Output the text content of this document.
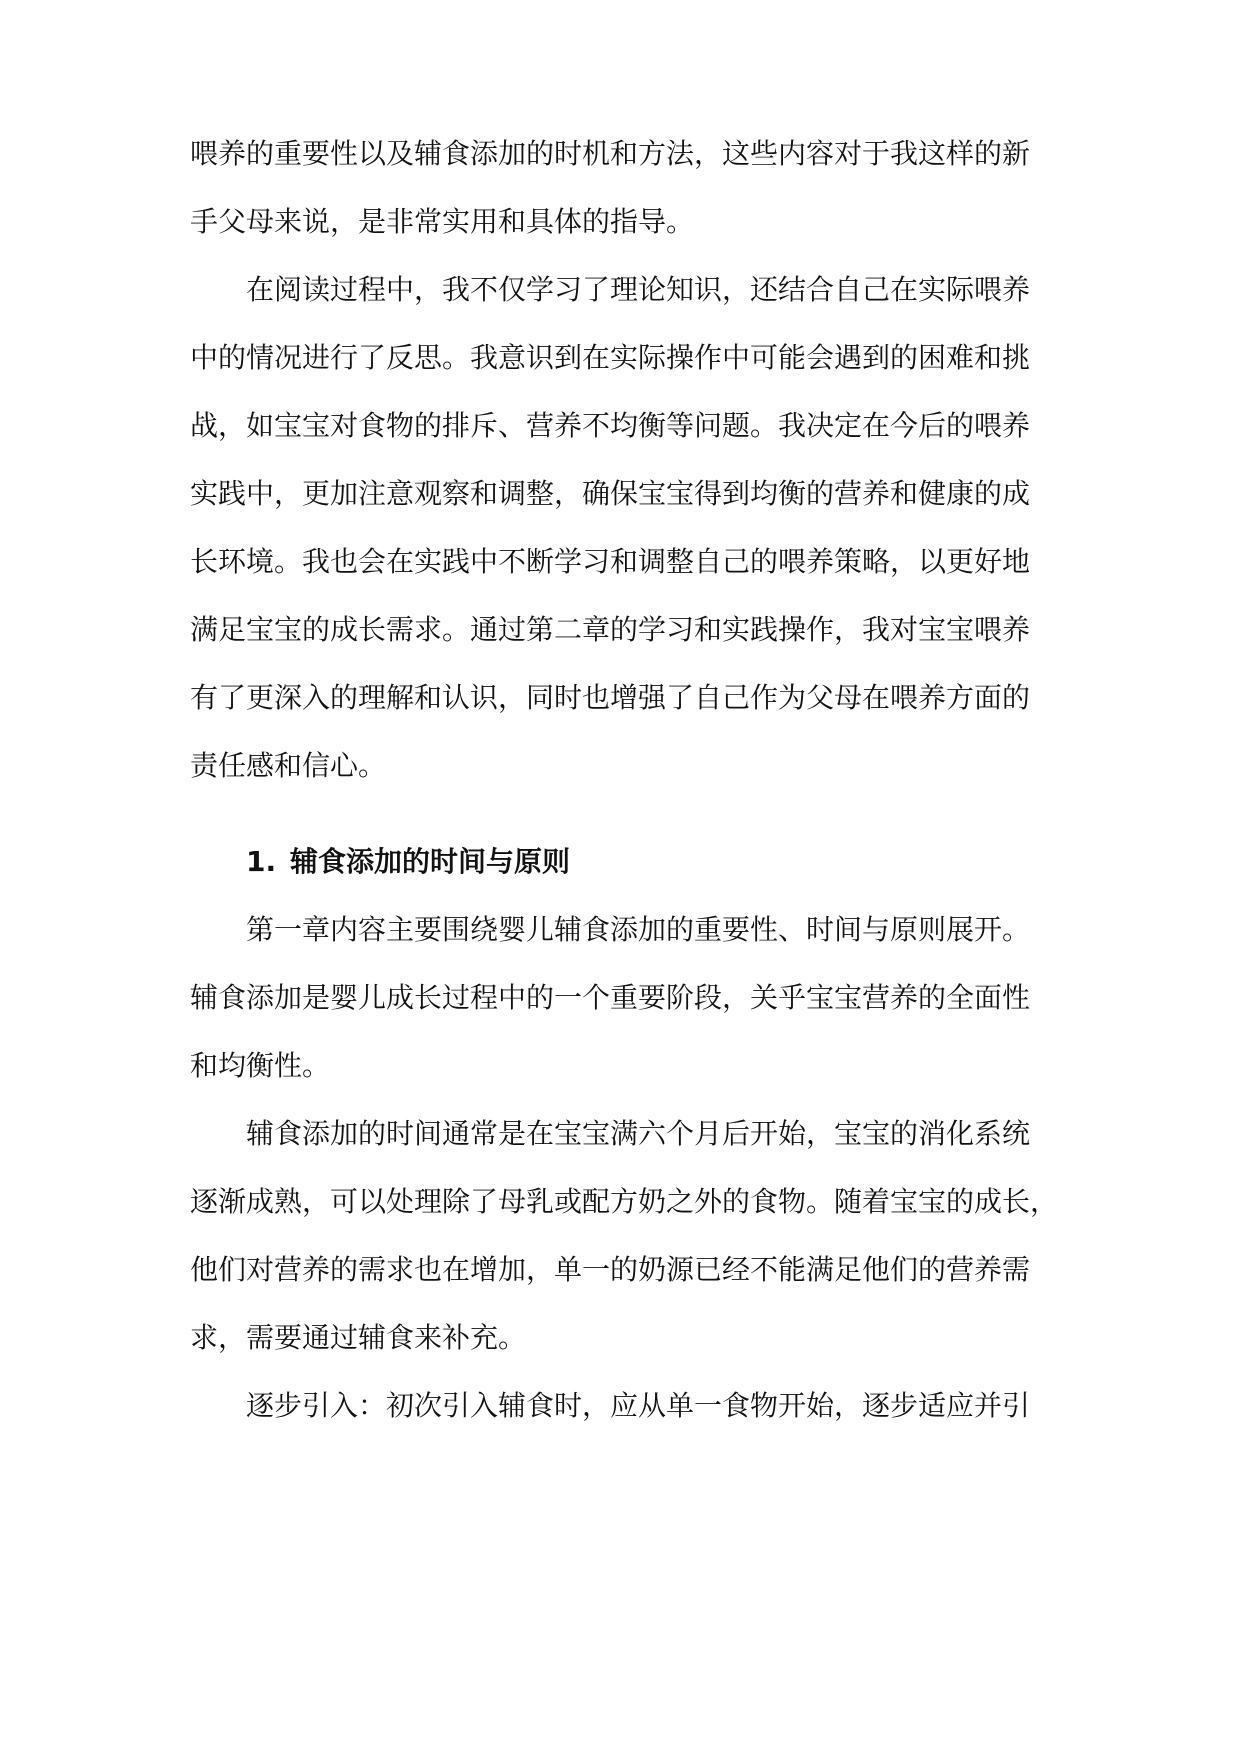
喂养的重要性以及辅食添加的时机和方法，这些内容对于我这样的新
手父母来说，是非常实用和具体的指导。
在阅读过程中，我不仅学习了理论知识，还结合自己在实际喂养
中的情况进行了反思。我意识到在实际操作中可能会遇到的困难和挑
战，如宝宝对食物的排斥、营养不均衡等问题。我决定在今后的喂养
实践中，更加注意观察和调整，确保宝宝得到均衡的营养和健康的成
长环境。我也会在实践中不断学习和调整自己的喂养策略，以更好地
满足宝宝的成长需求。通过第二章的学习和实践操作，我对宝宝喂养
有了更深入的理解和认识，同时也增强了自己作为父母在喂养方面的
责任感和信心。
1. 辅食添加的时间与原则
第一章内容主要围绕婴儿辅食添加的重要性、时间与原则展开。
辅食添加是婴儿成长过程中的一个重要阶段，关乎宝宝营养的全面性
和均衡性。
辅食添加的时间通常是在宝宝满六个月后开始，宝宝的消化系统
逐渐成熟，可以处理除了母乳或配方奶之外的食物。随着宝宝的成长，
他们对营养的需求也在增加，单一的奶源已经不能满足他们的营养需
求，需要通过辅食来补充。
逐步引入：初次引入辅食时，应从单一食物开始，逐步适应并引
